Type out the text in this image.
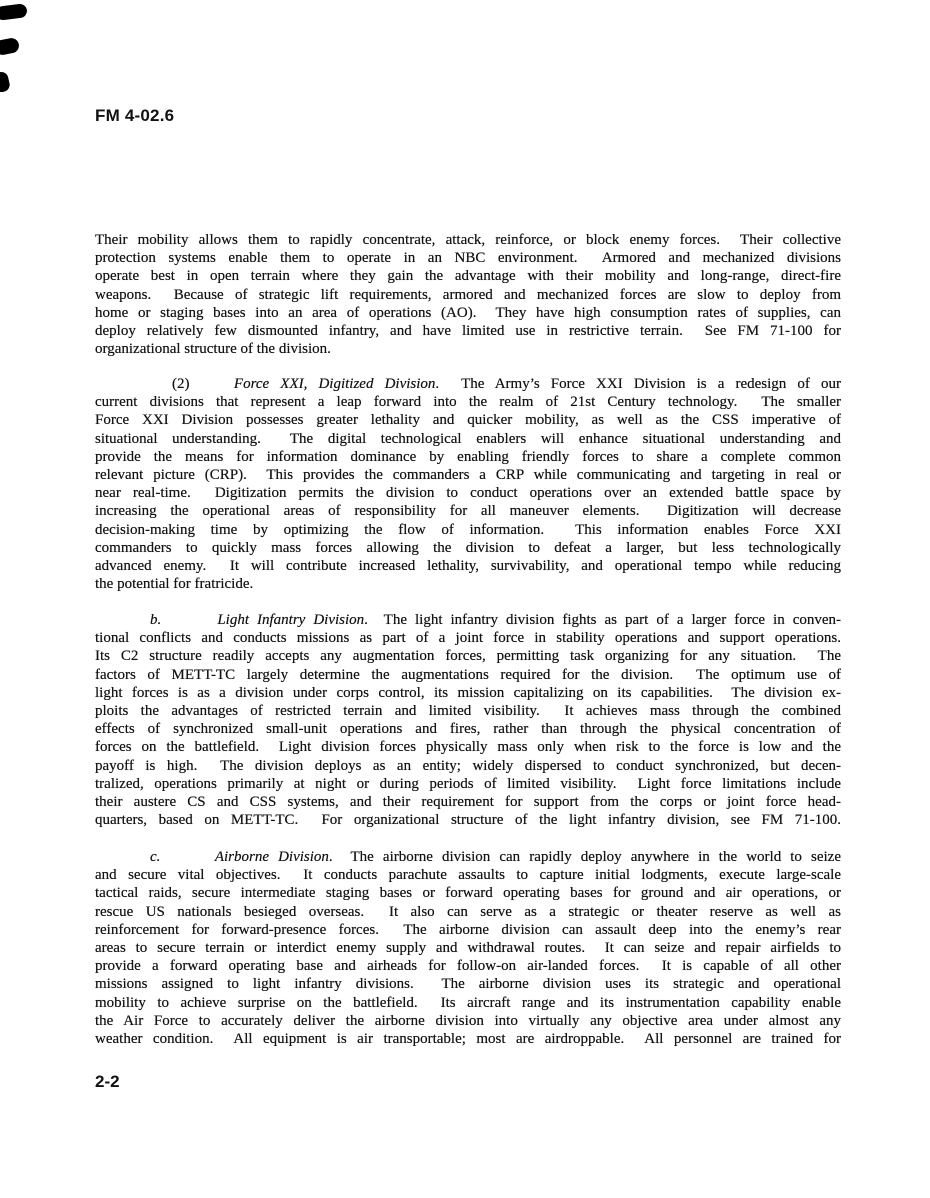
FM 4-02.6
Their mobility allows them to rapidly concentrate, attack, reinforce, or block enemy forces.  Their collective
protection systems enable them to operate in an NBC environment.  Armored and mechanized divisions
operate best in open terrain where they gain the advantage with their mobility and long-range, direct-fire
weapons.  Because of strategic lift requirements, armored and mechanized forces are slow to deploy from
home or staging bases into an area of operations (AO).  They have high consumption rates of supplies, can
deploy relatively few dismounted infantry, and have limited use in restrictive terrain.  See FM 71-100 for
organizational structure of the division.
(2)    Force XXI, Digitized Division.  The Army’s Force XXI Division is a redesign of our
current divisions that represent a leap forward into the realm of 21st Century technology.  The smaller
Force XXI Division possesses greater lethality and quicker mobility, as well as the CSS imperative of
situational understanding.  The digital technological enablers will enhance situational understanding and
provide the means for information dominance by enabling friendly forces to share a complete common
relevant picture (CRP).  This provides the commanders a CRP while communicating and targeting in real or
near real-time.  Digitization permits the division to conduct operations over an extended battle space by
increasing the operational areas of responsibility for all maneuver elements.  Digitization will decrease
decision-making time by optimizing the flow of information.  This information enables Force XXI
commanders to quickly mass forces allowing the division to defeat a larger, but less technologically
advanced enemy.  It will contribute increased lethality, survivability, and operational tempo while reducing
the potential for fratricide.
b.	Light Infantry Division.  The light infantry division fights as part of a larger force in conven-
tional conflicts and conducts missions as part of a joint force in stability operations and support operations.
Its C2 structure readily accepts any augmentation forces, permitting task organizing for any situation.  The
factors of METT-TC largely determine the augmentations required for the division.  The optimum use of
light forces is as a division under corps control, its mission capitalizing on its capabilities.  The division ex-
ploits the advantages of restricted terrain and limited visibility.  It achieves mass through the combined
effects of synchronized small-unit operations and fires, rather than through the physical concentration of
forces on the battlefield.  Light division forces physically mass only when risk to the force is low and the
payoff is high.  The division deploys as an entity; widely dispersed to conduct synchronized, but decen-
tralized, operations primarily at night or during periods of limited visibility.  Light force limitations include
their austere CS and CSS systems, and their requirement for support from the corps or joint force head-
quarters, based on METT-TC.  For organizational structure of the light infantry division, see FM 71-100.
c.	Airborne Division.  The airborne division can rapidly deploy anywhere in the world to seize
and secure vital objectives.  It conducts parachute assaults to capture initial lodgments, execute large-scale
tactical raids, secure intermediate staging bases or forward operating bases for ground and air operations, or
rescue US nationals besieged overseas.  It also can serve as a strategic or theater reserve as well as
reinforcement for forward-presence forces.  The airborne division can assault deep into the enemy’s rear
areas to secure terrain or interdict enemy supply and withdrawal routes.  It can seize and repair airfields to
provide a forward operating base and airheads for follow-on air-landed forces.  It is capable of all other
missions assigned to light infantry divisions.  The airborne division uses its strategic and operational
mobility to achieve surprise on the battlefield.  Its aircraft range and its instrumentation capability enable
the Air Force to accurately deliver the airborne division into virtually any objective area under almost any
weather condition.  All equipment is air transportable; most are airdroppable.  All personnel are trained for
2-2
